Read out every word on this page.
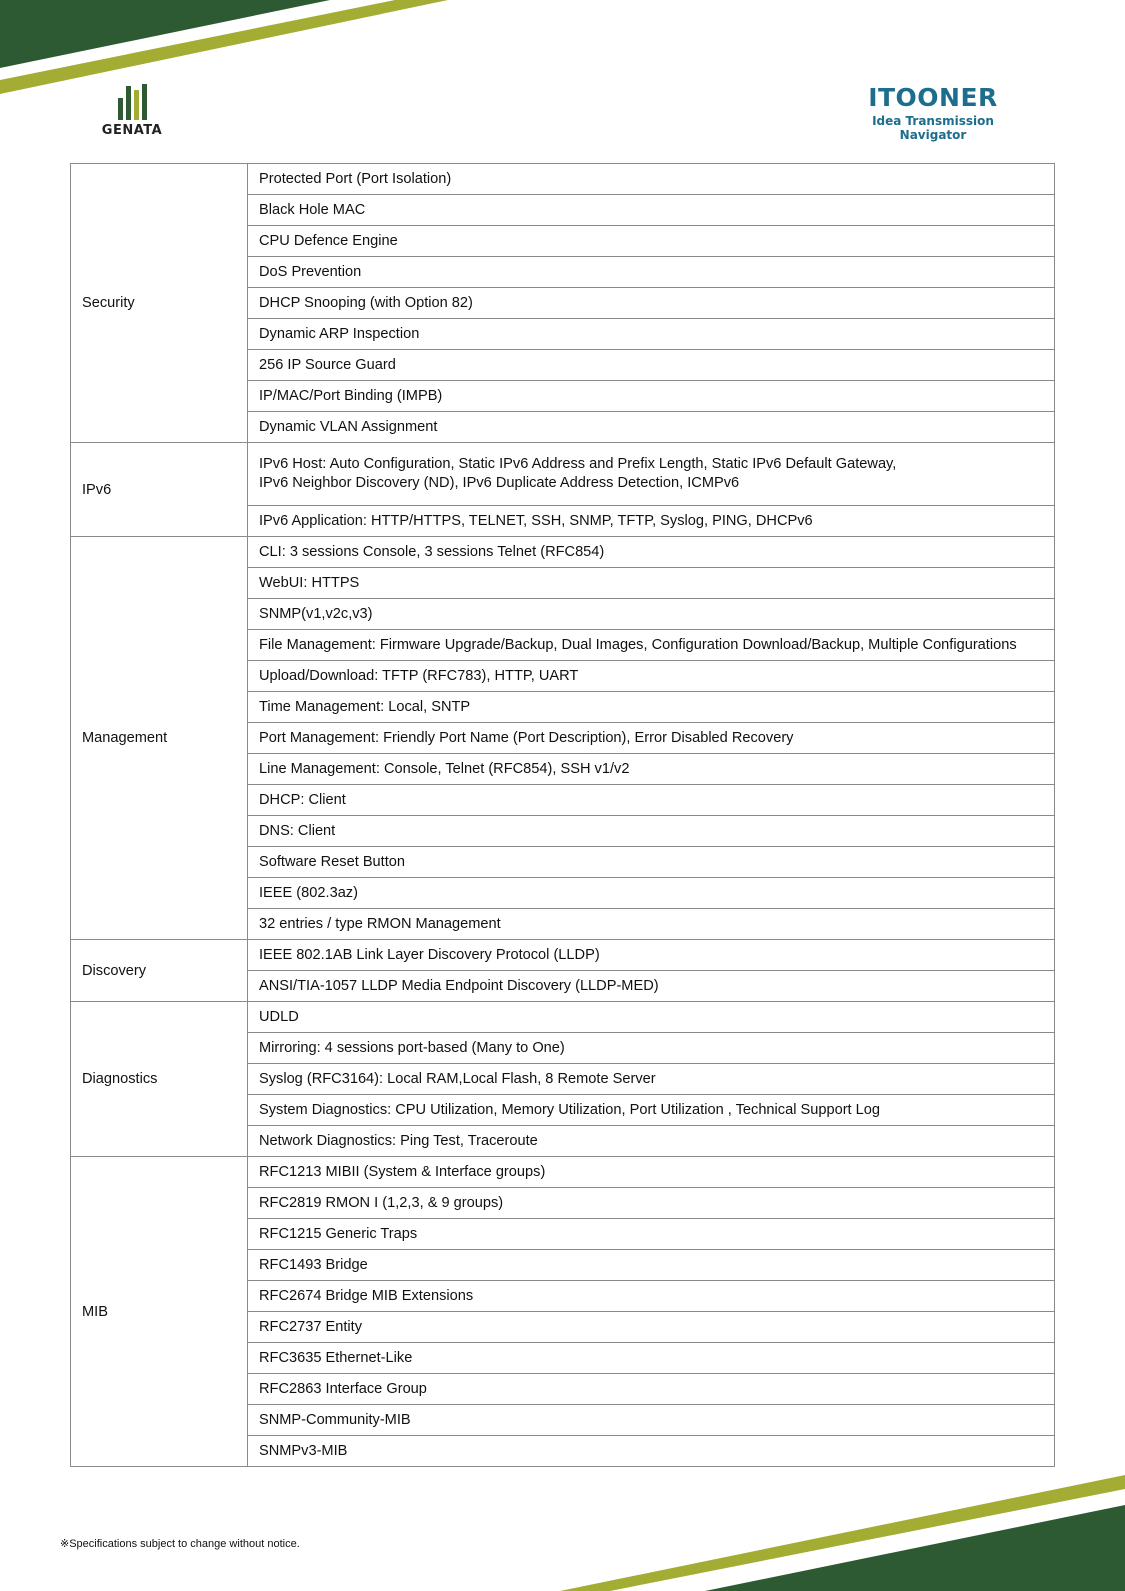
GENATA
ITOONER
Idea Transmission Navigator
Security	Protected Port (Port Isolation)
	Black Hole MAC
	CPU Defence Engine
	DoS Prevention
	DHCP Snooping (with Option 82)
	Dynamic ARP Inspection
	256 IP Source Guard
	IP/MAC/Port Binding (IMPB)
	Dynamic VLAN Assignment
IPv6	IPv6 Host: Auto Configuration, Static IPv6 Address and Prefix Length, Static IPv6 Default Gateway,
IPv6 Neighbor Discovery (ND), IPv6 Duplicate Address Detection, ICMPv6
	IPv6 Application: HTTP/HTTPS, TELNET, SSH, SNMP, TFTP, Syslog, PING, DHCPv6
Management	CLI: 3 sessions Console, 3 sessions Telnet (RFC854)
	WebUI: HTTPS
	SNMP(v1,v2c,v3)
	File Management: Firmware Upgrade/Backup, Dual Images, Configuration Download/Backup, Multiple Configurations
	Upload/Download: TFTP (RFC783), HTTP, UART
	Time Management: Local, SNTP
	Port Management: Friendly Port Name (Port Description), Error Disabled Recovery
	Line Management: Console, Telnet (RFC854), SSH v1/v2
	DHCP: Client
	DNS: Client
	Software Reset Button
	IEEE (802.3az)
	32 entries / type RMON Management
Discovery	IEEE 802.1AB Link Layer Discovery Protocol (LLDP)
	ANSI/TIA-1057 LLDP Media Endpoint Discovery (LLDP-MED)
Diagnostics	UDLD
	Mirroring: 4 sessions port-based (Many to One)
	Syslog (RFC3164): Local RAM,Local Flash, 8 Remote Server
	System Diagnostics: CPU Utilization, Memory Utilization, Port Utilization , Technical Support Log
	Network Diagnostics: Ping Test, Traceroute
MIB	RFC1213 MIBII (System & Interface groups)
	RFC2819 RMON I (1,2,3, & 9 groups)
	RFC1215 Generic Traps
	RFC1493 Bridge
	RFC2674 Bridge MIB Extensions
	RFC2737 Entity
	RFC3635 Ethernet-Like
	RFC2863 Interface Group
	SNMP-Community-MIB
	SNMPv3-MIB
※Specifications subject to change without notice.
